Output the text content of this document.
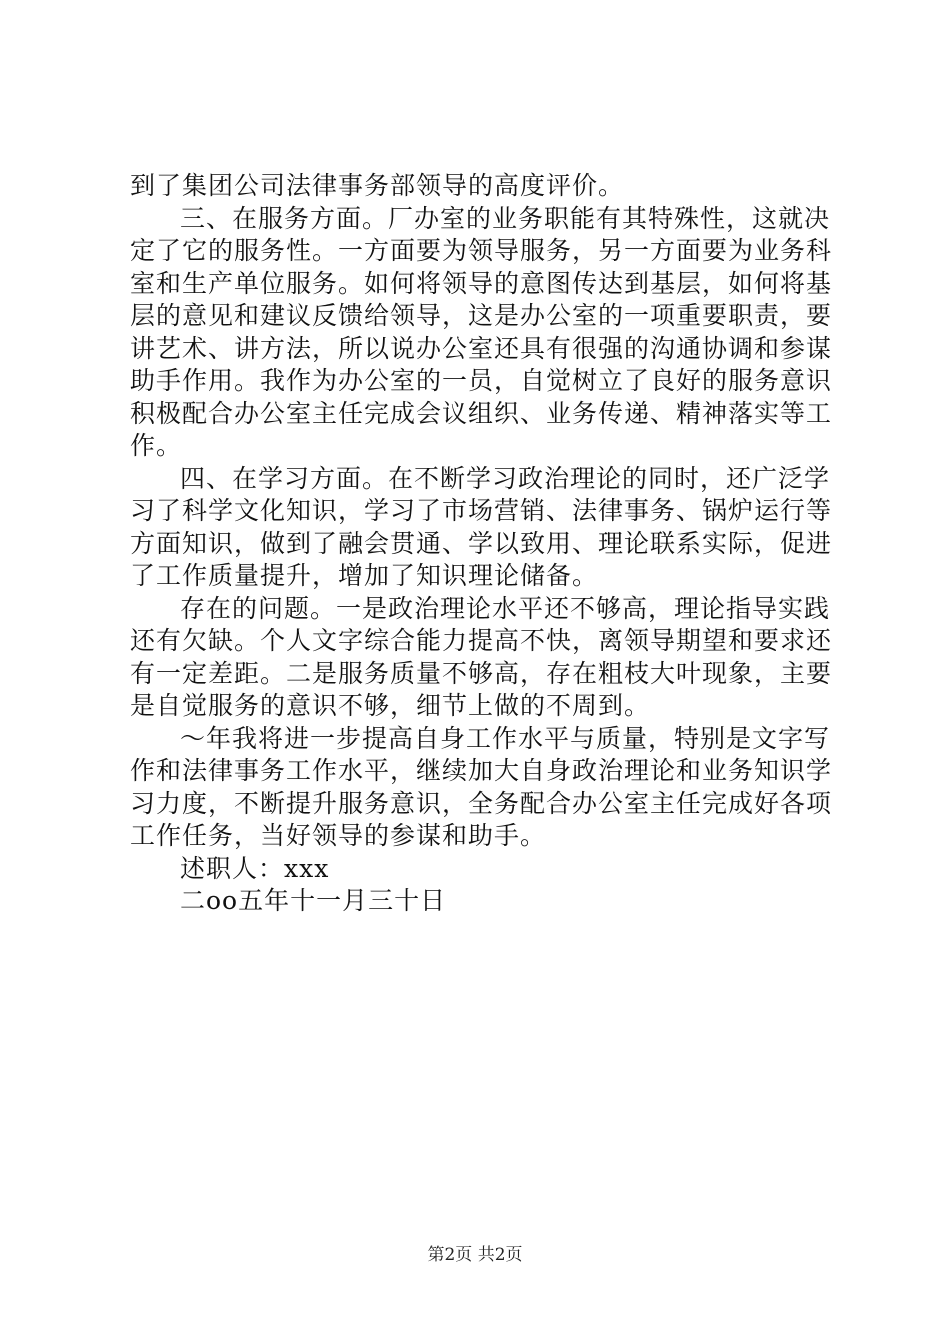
到了集团公司法律事务部领导的高度评价。
三、在服务方面。厂办室的业务职能有其特殊性，这就决
定了它的服务性。一方面要为领导服务，另一方面要为业务科
室和生产单位服务。如何将领导的意图传达到基层，如何将基
层的意见和建议反馈给领导，这是办公室的一项重要职责，要
讲艺术、讲方法，所以说办公室还具有很强的沟通协调和参谋
助手作用。我作为办公室的一员，自觉树立了良好的服务意识
积极配合办公室主任完成会议组织、业务传递、精神落实等工
作。
四、在学习方面。在不断学习政治理论的同时，还广泛学
习了科学文化知识，学习了市场营销、法律事务、锅炉运行等
方面知识，做到了融会贯通、学以致用、理论联系实际，促进
了工作质量提升，增加了知识理论储备。
存在的问题。一是政治理论水平还不够高，理论指导实践
还有欠缺。个人文字综合能力提高不快，离领导期望和要求还
有一定差距。二是服务质量不够高，存在粗枝大叶现象，主要
是自觉服务的意识不够，细节上做的不周到。
～年我将进一步提高自身工作水平与质量，特别是文字写
作和法律事务工作水平，继续加大自身政治理论和业务知识学
习力度，不断提升服务意识，全务配合办公室主任完成好各项
工作任务，当好领导的参谋和助手。
述职人：xxx
二oo五年十一月三十日
第2页 共2页
